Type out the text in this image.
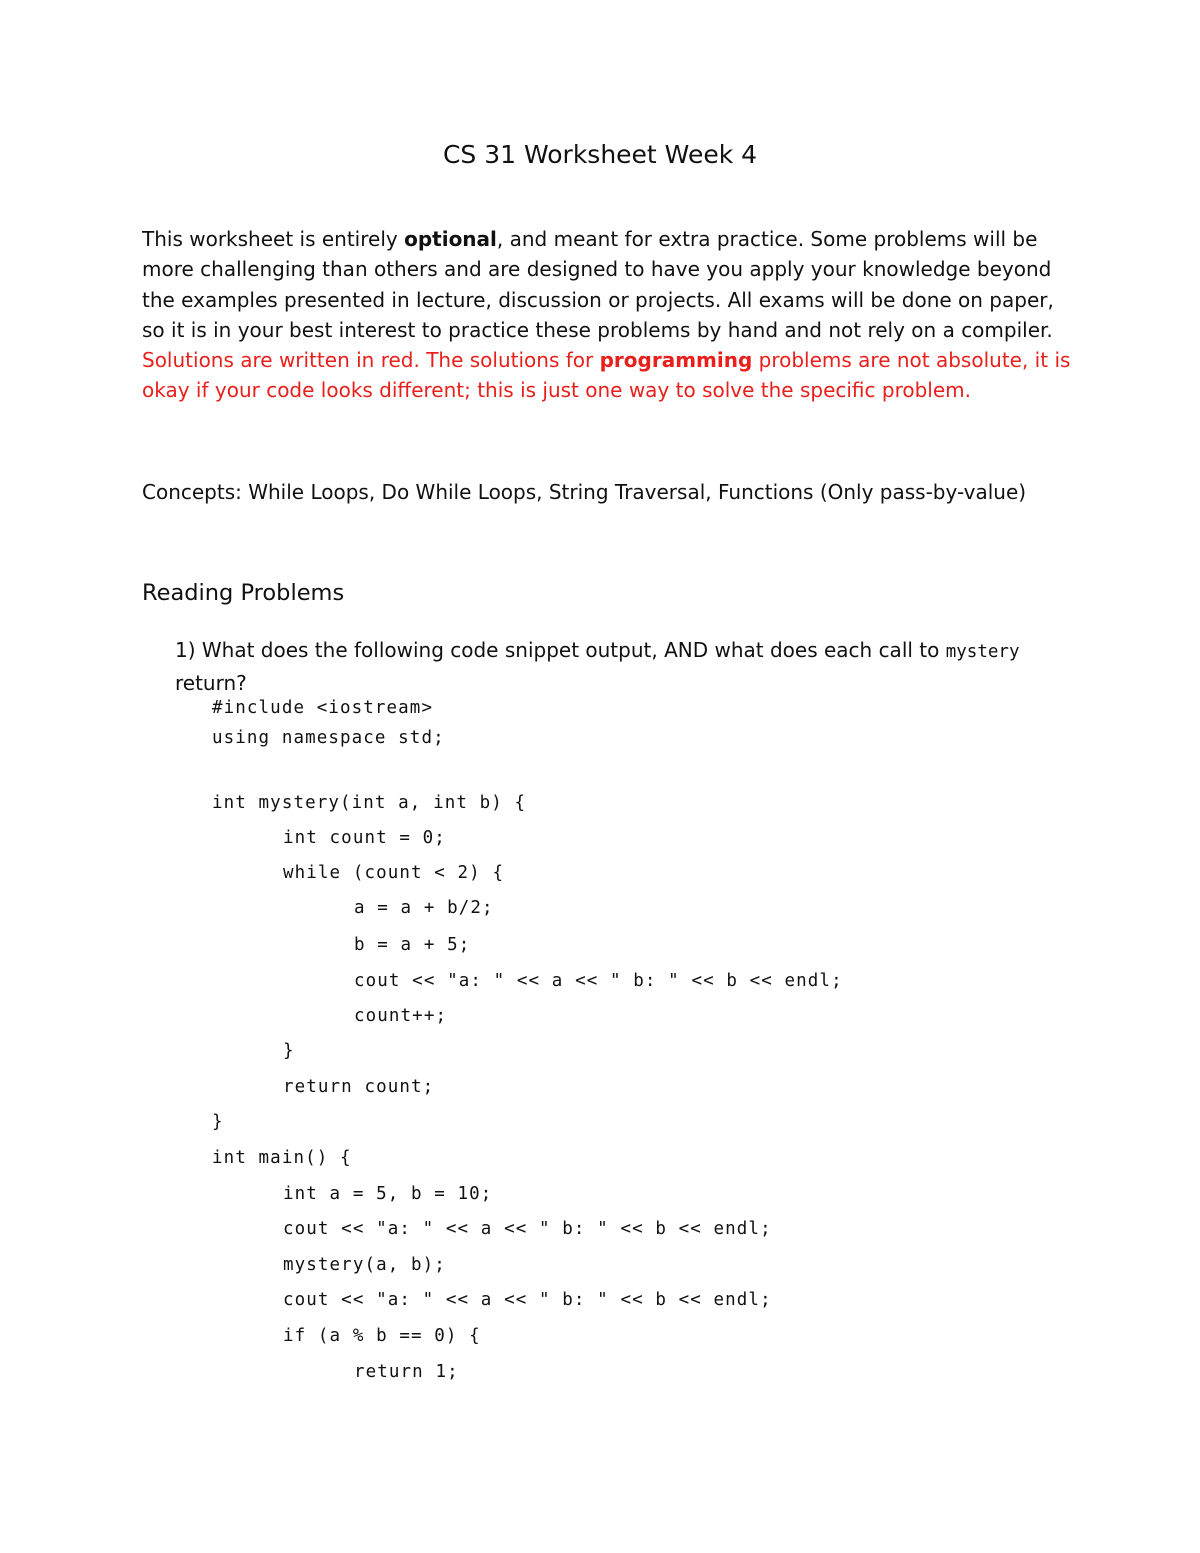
CS 31 Worksheet Week 4

This worksheet is entirely optional, and meant for extra practice. Some problems will be more challenging than others and are designed to have you apply your knowledge beyond the examples presented in lecture, discussion or projects. All exams will be done on paper, so it is in your best interest to practice these problems by hand and not rely on a compiler. Solutions are written in red. The solutions for programming problems are not absolute, it is okay if your code looks different; this is just one way to solve the specific problem.

Concepts: While Loops, Do While Loops, String Traversal, Functions (Only pass-by-value)

Reading Problems

1) What does the following code snippet output, AND what does each call to mystery return?

#include <iostream>
using namespace std;
int mystery(int a, int b) {
int count = 0;
while (count < 2) {
a = a + b/2;
b = a + 5;
cout << "a: " << a << " b: " << b << endl;
count++;
}
return count;
}
int main() {
int a = 5, b = 10;
cout << "a: " << a << " b: " << b << endl;
mystery(a, b);
cout << "a: " << a << " b: " << b << endl;
if (a % b == 0) {
return 1;
